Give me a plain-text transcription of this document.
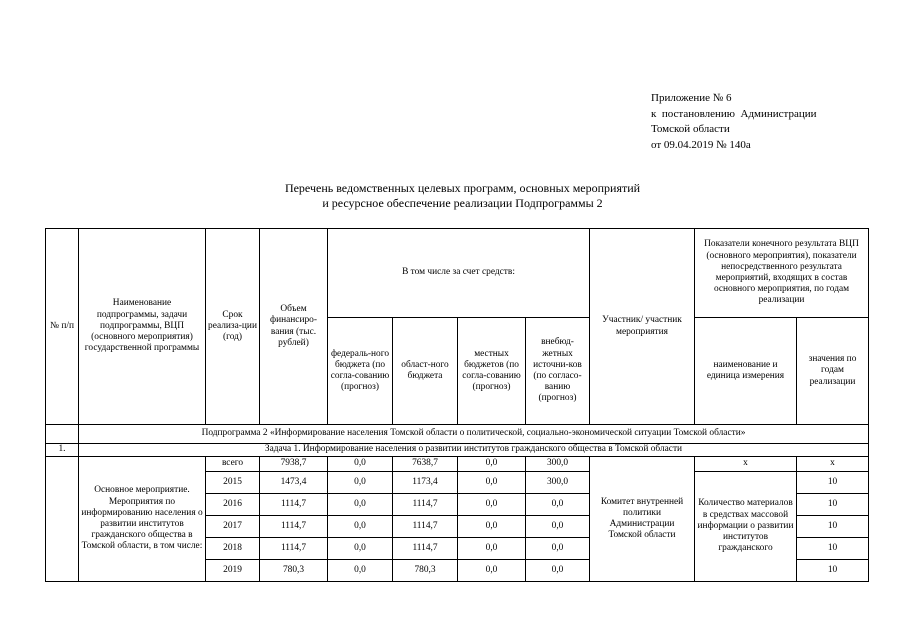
Приложение № 6
к  постановлению  Администрации
Томской области
от 09.04.2019 № 140а
Перечень ведомственных целевых программ, основных мероприятий
и ресурсное обеспечение реализации Подпрограммы 2
№ п/п	Наименование подпрограммы, задачи подпрограммы, ВЦП (основного мероприятия) государственной программы	Срок реализа-ции (год)	Объем финансиро-вания (тыс. рублей)	В том числе за счет средств:				Участник/ участник мероприятия	Показатели конечного результата ВЦП (основного мероприятия), показатели непосредственного результата мероприятий, входящих в состав основного мероприятия, по годам реализации	
				федераль-ного бюджета (по согла-сованию (прогноз)	област-ного бюджета	местных бюджетов (по согла-сованию (прогноз)	внебюд-жетных источни-ков (по согласо-ванию (прогноз)		наименование и единица измерения	значения по годам реализации
	Подпрограмма 2 «Информирование населения Томской области о политической, социально-экономической ситуации Томской области»									
1.	Задача 1. Информирование населения о развитии институтов гражданского общества в Томской области									
	Основное мероприятие. Мероприятия по информированию населения о развитии институтов гражданского общества в Томской области, в том числе:	всего	7938,7	0,0	7638,7	0,0	300,0	Комитет внутренней политики Администрации Томской области	х	х
		2015	1473,4	0,0	1173,4	0,0	300,0		Количество материалов в средствах массовой информации о развитии институтов гражданского	10
		2016	1114,7	0,0	1114,7	0,0	0,0			10
		2017	1114,7	0,0	1114,7	0,0	0,0			10
		2018	1114,7	0,0	1114,7	0,0	0,0			10
		2019	780,3	0,0	780,3	0,0	0,0			10
